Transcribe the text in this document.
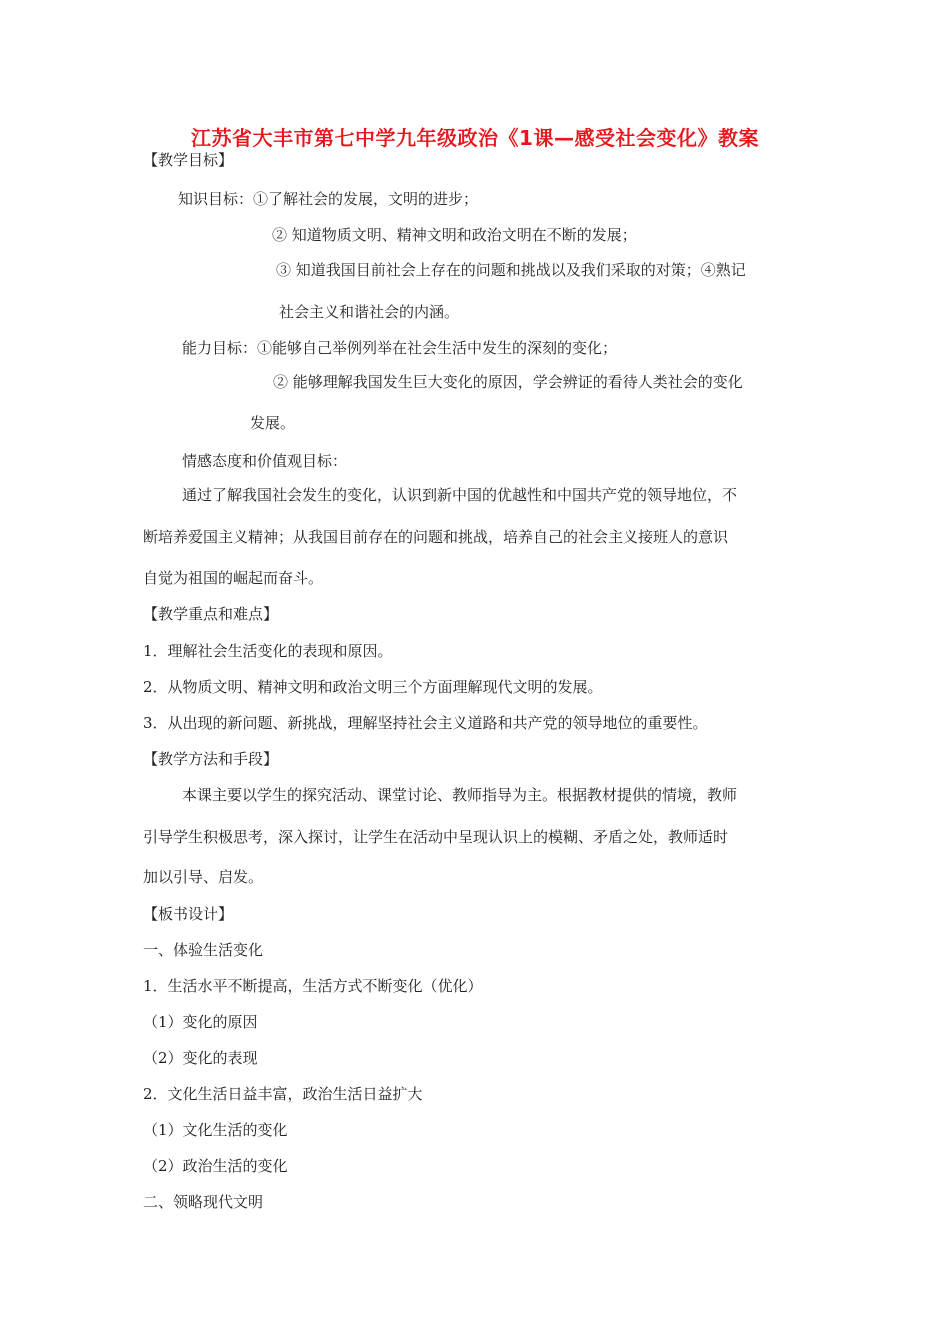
江苏省大丰市第七中学九年级政治《1课—感受社会变化》教案
【教学目标】
知识目标：①了解社会的发展，文明的进步；
② 知道物质文明、精神文明和政治文明在不断的发展；
③ 知道我国目前社会上存在的问题和挑战以及我们采取的对策；④熟记
社会主义和谐社会的内涵。
能力目标：①能够自己举例列举在社会生活中发生的深刻的变化；
② 能够理解我国发生巨大变化的原因，学会辨证的看待人类社会的变化
发展。
情感态度和价值观目标：
通过了解我国社会发生的变化，认识到新中国的优越性和中国共产党的领导地位，不
断培养爱国主义精神；从我国目前存在的问题和挑战，培养自己的社会主义接班人的意识
自觉为祖国的崛起而奋斗。
【教学重点和难点】
1．理解社会生活变化的表现和原因。
2．从物质文明、精神文明和政治文明三个方面理解现代文明的发展。
3．从出现的新问题、新挑战，理解坚持社会主义道路和共产党的领导地位的重要性。
【教学方法和手段】
本课主要以学生的探究活动、课堂讨论、教师指导为主。根据教材提供的情境，教师
引导学生积极思考，深入探讨，让学生在活动中呈现认识上的模糊、矛盾之处，教师适时
加以引导、启发。
【板书设计】
一、体验生活变化
1．生活水平不断提高，生活方式不断变化（优化）
（1）变化的原因
（2）变化的表现
2．文化生活日益丰富，政治生活日益扩大
（1）文化生活的变化
（2）政治生活的变化
二、领略现代文明
